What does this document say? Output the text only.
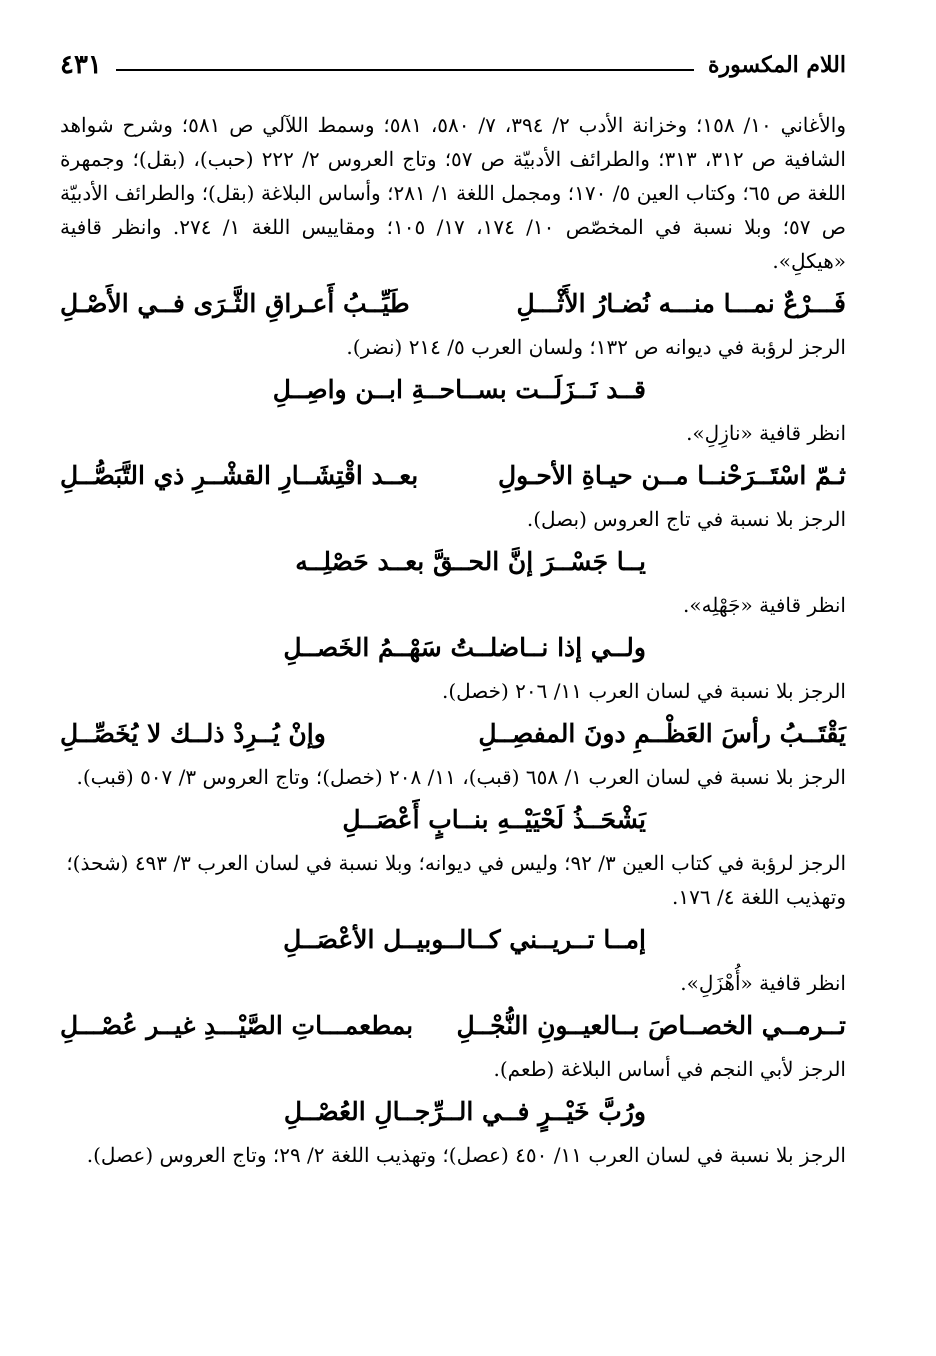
اللام المكسورة
٤٣١

والأغاني ١٠/ ١٥٨؛ وخزانة الأدب ٢/ ٣٩٤، ٧/ ٥٨٠، ٥٨١؛ وسمط اللآلي ص ٥٨١؛ وشرح شواهد الشافية ص ٣١٢، ٣١٣؛ والطرائف الأدبيّة ص ٥٧؛ وتاج العروس ٢/ ٢٢٢ (حبب)، (بقل)؛ وجمهرة اللغة ص ٦٥؛ وكتاب العين ٥/ ١٧٠؛ ومجمل اللغة ١/ ٢٨١؛ وأساس البلاغة (بقل)؛ والطرائف الأدبيّة ص ٥٧؛ وبلا نسبة في المخصّص ١٠/ ١٧٤، ١٧/ ١٠٥؛ ومقاييس اللغة ١/ ٢٧٤. وانظر قافية «هيكلِ».

فَـــرْعٌ نمـــا منـــه نُضـارُ الأَثْـــلِ
طَيِّــبُ أَعـراقِ الثَّـرَى فــي الأَصْـلِ

الرجز لرؤبة في ديوانه ص ١٣٢؛ ولسان العرب ٥/ ٢١٤ (نضر).

قــد نَــزَلَــت بســاحــةِ ابــن واصِــلِ

انظر قافية «نازِلِ».

ثـمّ اسْتَــرَحْنــا مــن حيـاةِ الأحـولِ
بعــد اقْتِشَــارِ القشْــرِ ذي التَّبَصُّــلِ

الرجز بلا نسبة في تاج العروس (بصل).

يــا جَسْــرَ إنَّ الحــقَّ بعــد حَصْلِــه

انظر قافية «جَهْلِه».

ولــي إذا نــاضلــتُ سَهْــمُ الخَصــلِ

الرجز بلا نسبة في لسان العرب ١١/ ٢٠٦ (خصل).

يَقْتَــبُ رأسَ العَظْــمِ دونَ المفصِــلِ
وإنْ يُــرِدْ ذلــك لا يُخَصِّــلِ

الرجز بلا نسبة في لسان العرب ١/ ٦٥٨ (قبب)، ١١/ ٢٠٨ (خصل)؛ وتاج العروس ٣/ ٥٠٧ (قبب).

يَشْحَــذُ لَحْيَيْــهِ بنــابٍ أَعْصَــلِ

الرجز لرؤبة في كتاب العين ٣/ ٩٢؛ وليس في ديوانه؛ وبلا نسبة في لسان العرب ٣/ ٤٩٣ (شحذ)؛ وتهذيب اللغة ٤/ ١٧٦.

إمــا تــريــني كــالــوبيــل الأعْصَــلِ

انظر قافية «أُهْزَلِ».

تــرمــي الخصــاصَ بــالعيــونِ النُّجْــلِ
بمطعمـــاتِ الصَّيْـــدِ غيــر عُصْـــلِ

الرجز لأبي النجم في أساس البلاغة (طعم).

ورُبَّ خَيْــرٍ فــي الــرِّجــالِ العُصْــلِ

الرجز بلا نسبة في لسان العرب ١١/ ٤٥٠ (عصل)؛ وتهذيب اللغة ٢/ ٢٩؛ وتاج العروس (عصل).
